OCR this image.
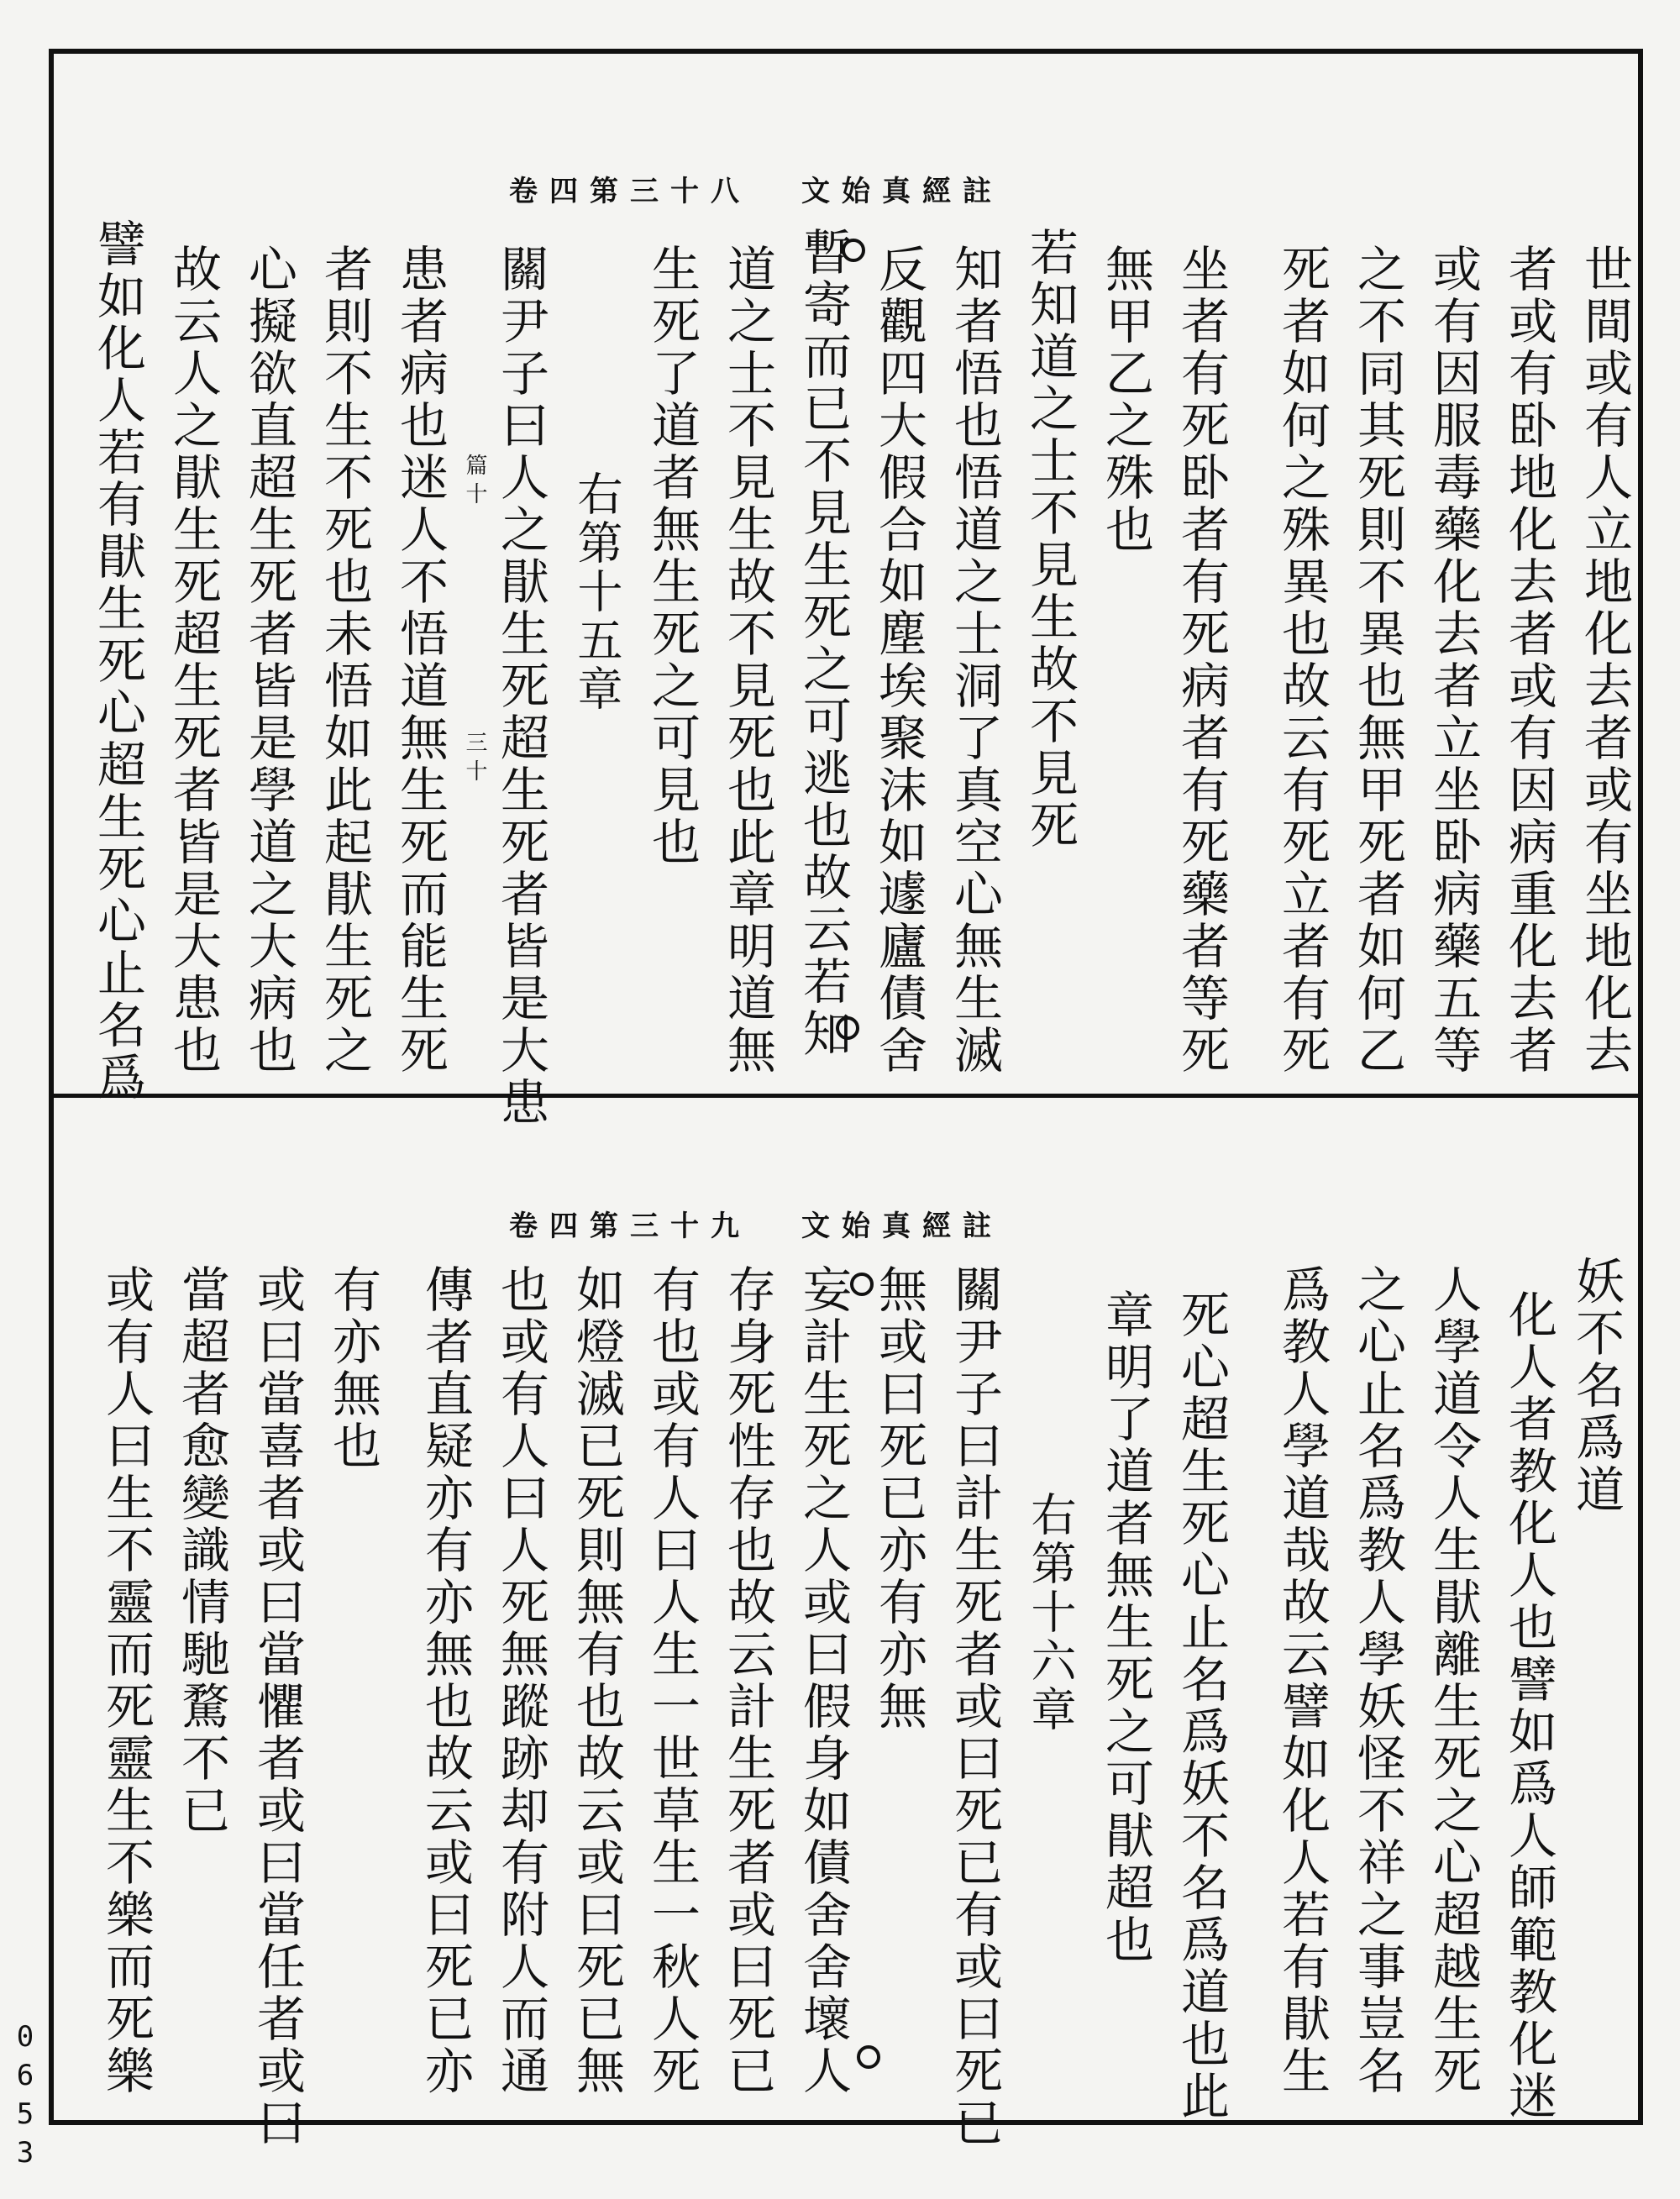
卷四第三十八 文始真經註
世間或有人立地化去者或有坐地化去
者或有卧地化去者或有因病重化去者
或有因服毒藥化去者立坐卧病藥五等
之不同其死則不異也無甲死者如何乙
死者如何之殊異也故云有死立者有死
坐者有死卧者有死病者有死藥者等死
無甲乙之殊也
若知道之士不見生故不見死
知者悟也悟道之士洞了真空心無生滅
反觀四大假合如塵埃聚沫如遽廬債舍
暫寄而已不見生死之可逃也故云若知
道之士不見生故不見死也此章明道無
生死了道者無生死之可見也
右第十五章
關尹子曰人之猒生死超生死者皆是大患
篇十
三十
患者病也迷人不悟道無生死而能生死
者則不生不死也未悟如此起猒生死之
心擬欲直超生死者皆是學道之大病也
故云人之猒生死超生死者皆是大患也
譬如化人若有猒生死心超生死心止名爲
卷四第三十九 文始真經註
妖不名爲道
化人者教化人也譬如爲人師範教化迷
人學道令人生猒離生死之心超越生死
之心止名爲教人學妖怪不祥之事豈名
爲教人學道哉故云譬如化人若有猒生
死心超生死心止名爲妖不名爲道也此
章明了道者無生死之可猒超也
右第十六章
關尹子曰計生死者或曰死已有或曰死已
無或曰死已亦有亦無
妄計生死之人或曰假身如債舍舍壞人
存身死性存也故云計生死者或曰死已
有也或有人曰人生一世草生一秋人死
如燈滅已死則無有也故云或曰死已無
也或有人曰人死無蹤跡却有附人而通
傳者直疑亦有亦無也故云或曰死已亦
有亦無也
或曰當喜者或曰當懼者或曰當任者或曰
當超者愈變識情馳騖不已
或有人曰生不靈而死靈生不樂而死樂
0653
